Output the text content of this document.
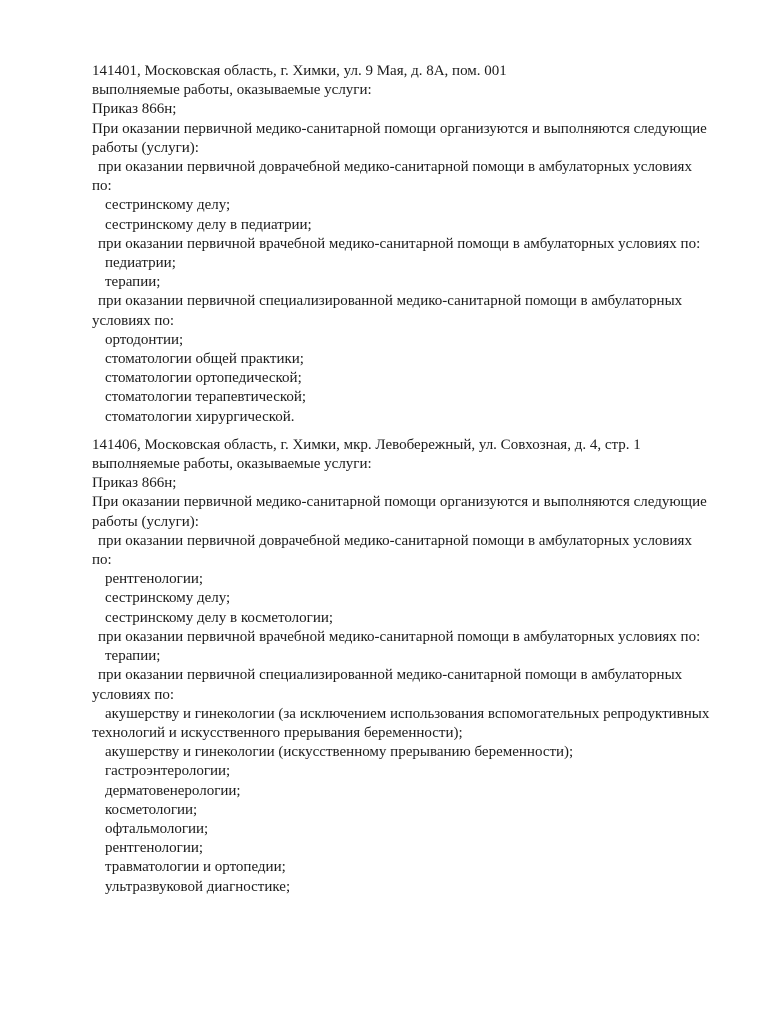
141401, Московская область, г. Химки, ул. 9 Мая, д. 8А, пом. 001
выполняемые работы, оказываемые услуги:
Приказ 866н;
При оказании первичной медико-санитарной помощи организуются и выполняются следующие
работы (услуги):
при оказании первичной доврачебной медико-санитарной помощи в амбулаторных условиях
по:
сестринскому делу;
сестринскому делу в педиатрии;
при оказании первичной врачебной медико-санитарной помощи в амбулаторных условиях по:
педиатрии;
терапии;
при оказании первичной специализированной медико-санитарной помощи в амбулаторных
условиях по:
ортодонтии;
стоматологии общей практики;
стоматологии ортопедической;
стоматологии терапевтической;
стоматологии хирургической.
141406, Московская область, г. Химки, мкр. Левобережный, ул. Совхозная, д. 4, стр. 1
выполняемые работы, оказываемые услуги:
Приказ 866н;
При оказании первичной медико-санитарной помощи организуются и выполняются следующие
работы (услуги):
при оказании первичной доврачебной медико-санитарной помощи в амбулаторных условиях
по:
рентгенологии;
сестринскому делу;
сестринскому делу в косметологии;
при оказании первичной врачебной медико-санитарной помощи в амбулаторных условиях по:
терапии;
при оказании первичной специализированной медико-санитарной помощи в амбулаторных
условиях по:
акушерству и гинекологии (за исключением использования вспомогательных репродуктивных
технологий и искусственного прерывания беременности);
акушерству и гинекологии (искусственному прерыванию беременности);
гастроэнтерологии;
дерматовенерологии;
косметологии;
офтальмологии;
рентгенологии;
травматологии и ортопедии;
ультразвуковой диагностике;
